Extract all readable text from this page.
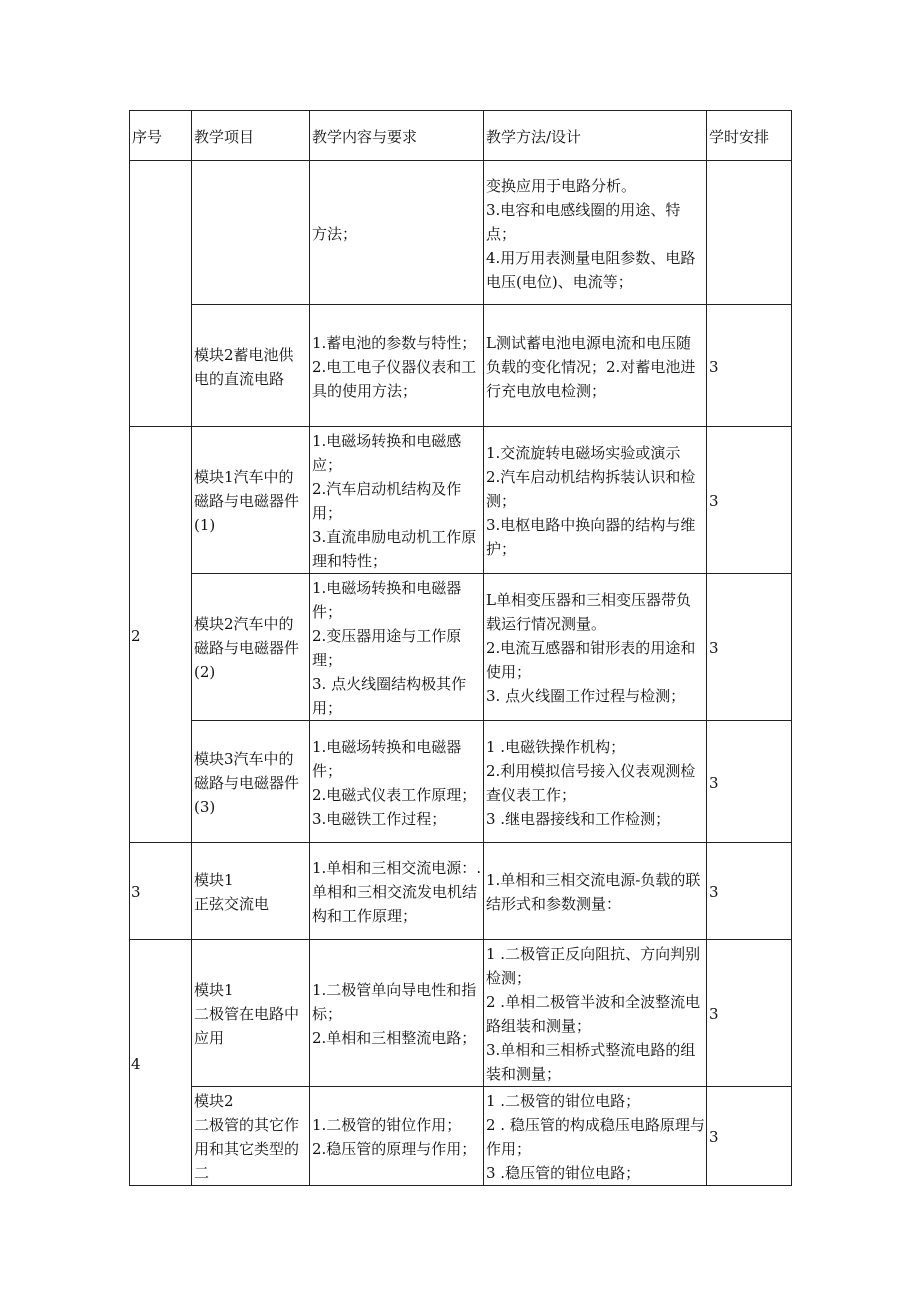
序号	教学项目	教学内容与要求	教学方法/设计	学时安排

		方法；	变换应用于电路分析。
3.电容和电感线圈的用途、特点；
4.用万用表测量电阻参数、电路电压(电位)、电流等；	

	模块2蓄电池供电的直流电路	1.蓄电池的参数与特性；
2.电工电子仪器仪表和工具的使用方法；	L测试蓄电池电源电流和电压随负载的变化情况；2.对蓄电池进行充电放电检测；	3

2	模块1汽车中的磁路与电磁器件(1)	1.电磁场转换和电磁感应；
2.汽车启动机结构及作用；
3.直流串励电动机工作原理和特性；	1.交流旋转电磁场实验或演示
2.汽车启动机结构拆装认识和检测；
3.电枢电路中换向器的结构与维护；	3

	模块2汽车中的磁路与电磁器件(2)	1.电磁场转换和电磁器件；
2.变压器用途与工作原理；
3. 点火线圈结构极其作用；	L单相变压器和三相变压器带负载运行情况测量。
2.电流互感器和钳形表的用途和使用；
3. 点火线圈工作过程与检测；	3

	模块3汽车中的磁路与电磁器件(3)	1.电磁场转换和电磁器件；
2.电磁式仪表工作原理；
3.电磁铁工作过程；	1 .电磁铁操作机构；
2.利用模拟信号接入仪表观测检查仪表工作；
3 .继电器接线和工作检测；	3

3	模块1
正弦交流电	1.单相和三相交流电源：.单相和三相交流发电机结构和工作原理；	1.单相和三相交流电源-负载的联结形式和参数测量：	3

4	模块1
二极管在电路中应用	1.二极管单向导电性和指标；
2.单相和三相整流电路；	1 .二极管正反向阻抗、方向判别检测；
2 .单相二极管半波和全波整流电路组装和测量；
3.单相和三相桥式整流电路的组装和测量；	3

	模块2
二极管的其它作用和其它类型的二	1.二极管的钳位作用；
2.稳压管的原理与作用；	1 .二极管的钳位电路；
2 . 稳压管的构成稳压电路原理与作用；
3 .稳压管的钳位电路；	3
